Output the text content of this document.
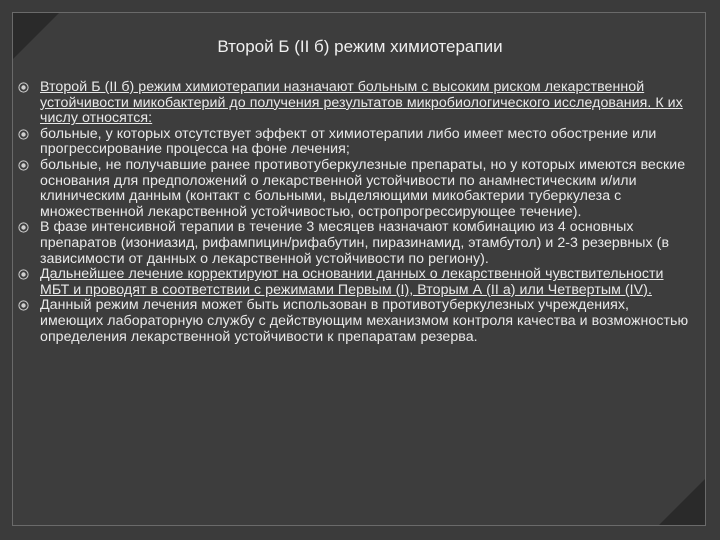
Второй Б (II б) режим химиотерапии
Второй Б (II б) режим химиотерапии назначают больным с высоким риском лекарственной устойчивости микобактерий до получения результатов микробиологического исследования. К их числу относятся:
больные, у которых отсутствует эффект от химиотерапии либо имеет место обострение или прогрессирование процесса на фоне лечения;
больные, не получавшие ранее противотуберкулезные препараты, но у которых имеются веские основания для предположений о лекарственной устойчивости по анамнестическим и/или клиническим данным (контакт с больными, выделяющими микобактерии туберкулеза с множественной лекарственной устойчивостью, остропрогрессирующее течение).
В фазе интенсивной терапии в течение 3 месяцев назначают комбинацию из 4 основных препаратов (изониазид, рифампицин/рифабутин, пиразинамид, этамбутол) и 2-3 резервных (в зависимости от данных о лекарственной устойчивости по региону).
Дальнейшее лечение корректируют на основании данных о лекарственной чувствительности МБТ и проводят в соответствии с режимами Первым (I), Вторым А (II а) или Четвертым (IV).
Данный режим лечения может быть использован в противотуберкулезных учреждениях, имеющих лабораторную службу с действующим механизмом контроля качества и возможностью определения лекарственной устойчивости к препаратам резерва.
